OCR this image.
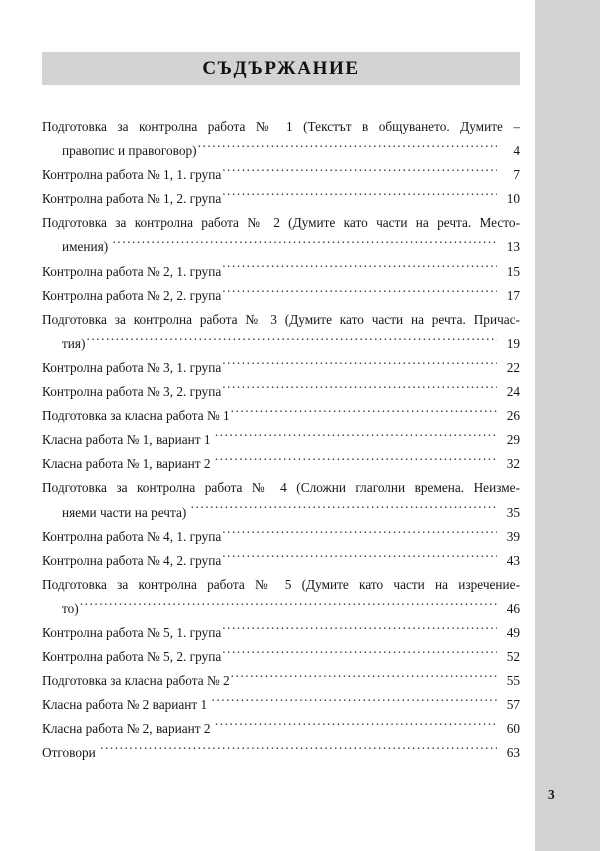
СЪДЪРЖАНИЕ
Подготовка за контролна работа № 1 (Текстът в общуването. Думите –
правопис и правоговор) .....	4
Контролна работа № 1, 1. група .....	7
Контролна работа № 1, 2. група .....	10
Подготовка за контролна работа № 2 (Думите като части на речта. Место-
имения) .....	13
Контролна работа № 2, 1. група .....	15
Контролна работа № 2, 2. група .....	17
Подготовка за контролна работа № 3 (Думите като части на речта. Причас-
тия) .....	19
Контролна работа № 3, 1. група .....	22
Контролна работа № 3, 2. група .....	24
Подготовка за класна работа № 1 .....	26
Класна работа № 1, вариант 1 .....	29
Класна работа № 1, вариант 2 .....	32
Подготовка за контролна работа № 4 (Сложни глаголни времена. Неизме-
няеми части на речта) .....	35
Контролна работа № 4, 1. група .....	39
Контролна работа № 4, 2. група .....	43
Подготовка за контролна работа № 5 (Думите като части на изречение-
то) .....	46
Контролна работа № 5, 1. група .....	49
Контролна работа № 5, 2. група .....	52
Подготовка за класна работа № 2 .....	55
Класна работа № 2 вариант 1 .....	57
Класна работа № 2, вариант 2 .....	60
Отговори .....	63
3
